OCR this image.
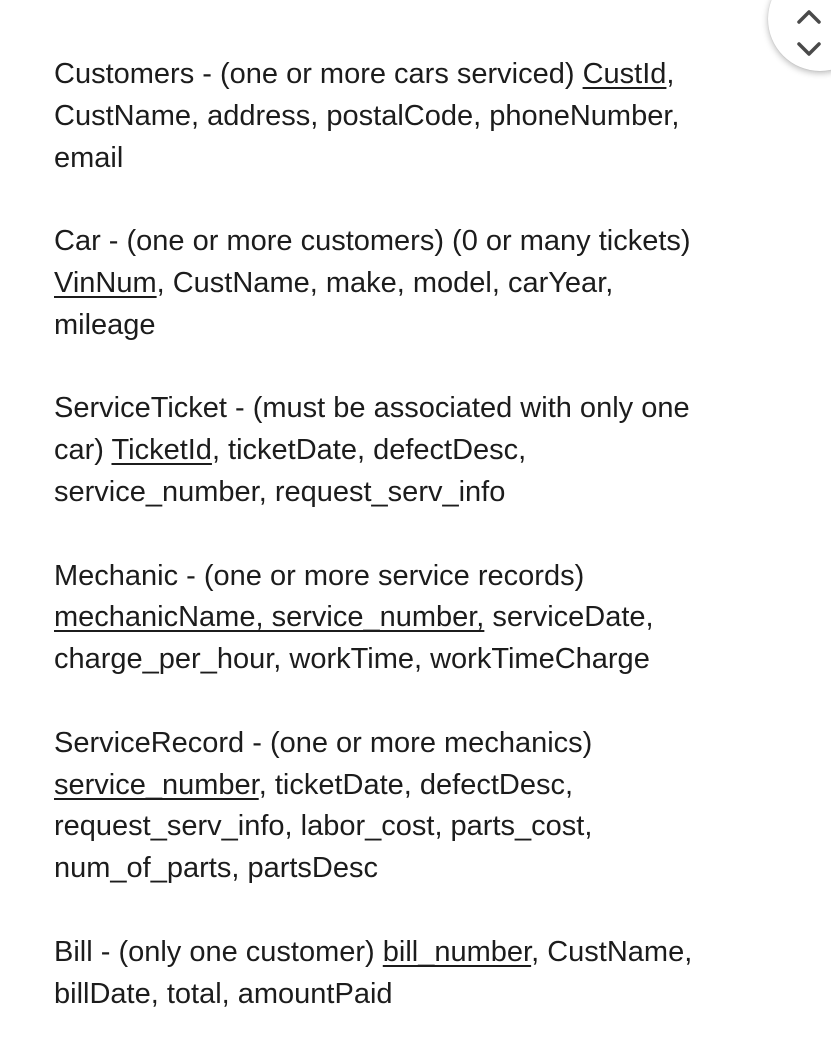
Customers - (one or more cars serviced) CustId,
CustName, address, postalCode, phoneNumber,
email

Car - (one or more customers) (0 or many tickets)
VinNum, CustName, make, model, carYear,
mileage

ServiceTicket - (must be associated with only one
car) TicketId, ticketDate, defectDesc,
service_number, request_serv_info

Mechanic - (one or more service records)
mechanicName, service_number, serviceDate,
charge_per_hour, workTime, workTimeCharge

ServiceRecord - (one or more mechanics)
service_number, ticketDate, defectDesc,
request_serv_info, labor_cost, parts_cost,
num_of_parts, partsDesc

Bill - (only one customer) bill_number, CustName,
billDate, total, amountPaid
